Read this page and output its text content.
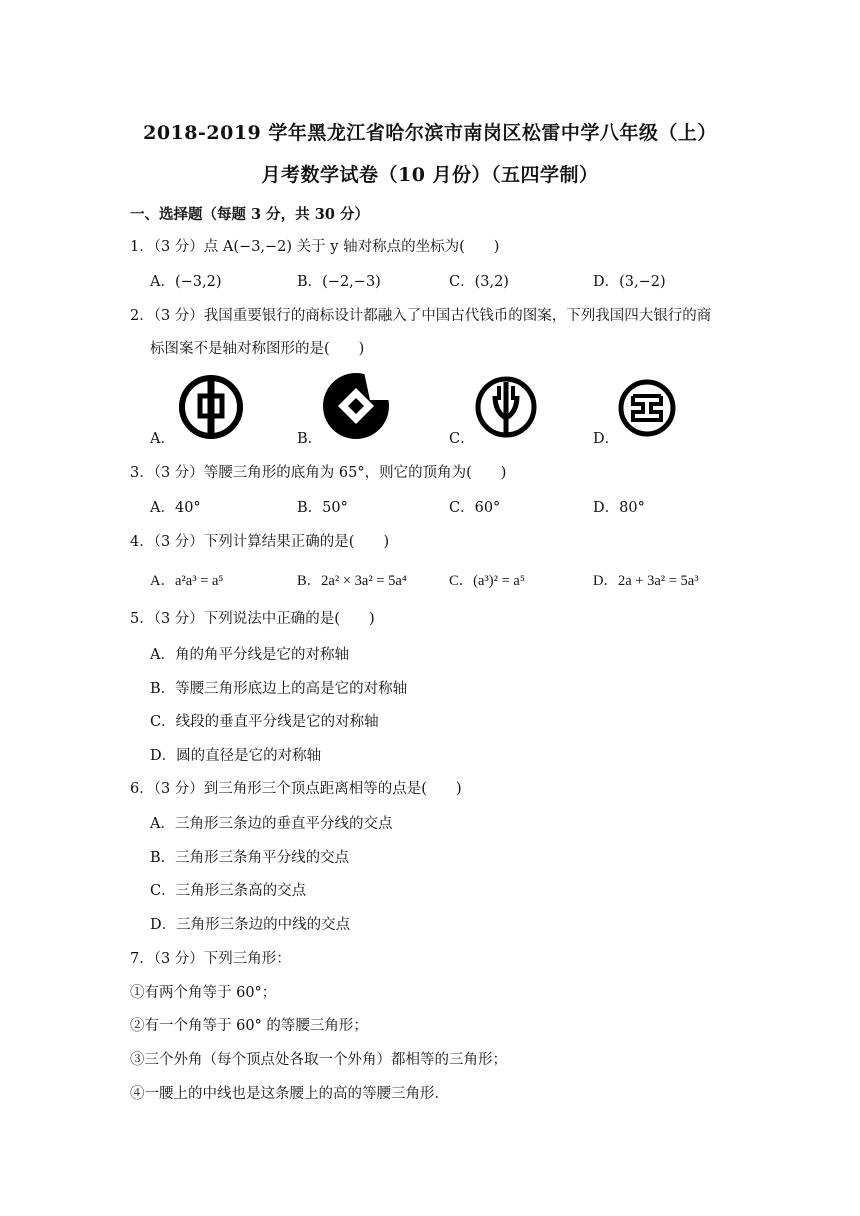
2018-2019 学年黑龙江省哈尔滨市南岗区松雷中学八年级（上）
月考数学试卷（10 月份）（五四学制）
一、选择题（每题 3 分，共 30 分）
1．（3 分）点 A(−3,−2) 关于 y 轴对称点的坐标为(　　)
A．(−3,2)	B．(−2,−3)	C．(3,2)	D．(3,−2)
2．（3 分）我国重要银行的商标设计都融入了中国古代钱币的图案，下列我国四大银行的商
标图案不是轴对称图形的是(　　)
A．	B．	C．	D．
3．（3 分）等腰三角形的底角为 65°，则它的顶角为(　　)
A．40°	B．50°	C．60°	D．80°
4．（3 分）下列计算结果正确的是(　　)
A．a²a³ = a⁵	B．2a² × 3a² = 5a⁴	C．(a³)² = a⁵	D．2a + 3a² = 5a³
5．（3 分）下列说法中正确的是(　　)
A．角的角平分线是它的对称轴
B．等腰三角形底边上的高是它的对称轴
C．线段的垂直平分线是它的对称轴
D．圆的直径是它的对称轴
6．（3 分）到三角形三个顶点距离相等的点是(　　)
A．三角形三条边的垂直平分线的交点
B．三角形三条角平分线的交点
C．三角形三条高的交点
D．三角形三条边的中线的交点
7．（3 分）下列三角形：
①有两个角等于 60°；
②有一个角等于 60° 的等腰三角形；
③三个外角（每个顶点处各取一个外角）都相等的三角形；
④一腰上的中线也是这条腰上的高的等腰三角形．
